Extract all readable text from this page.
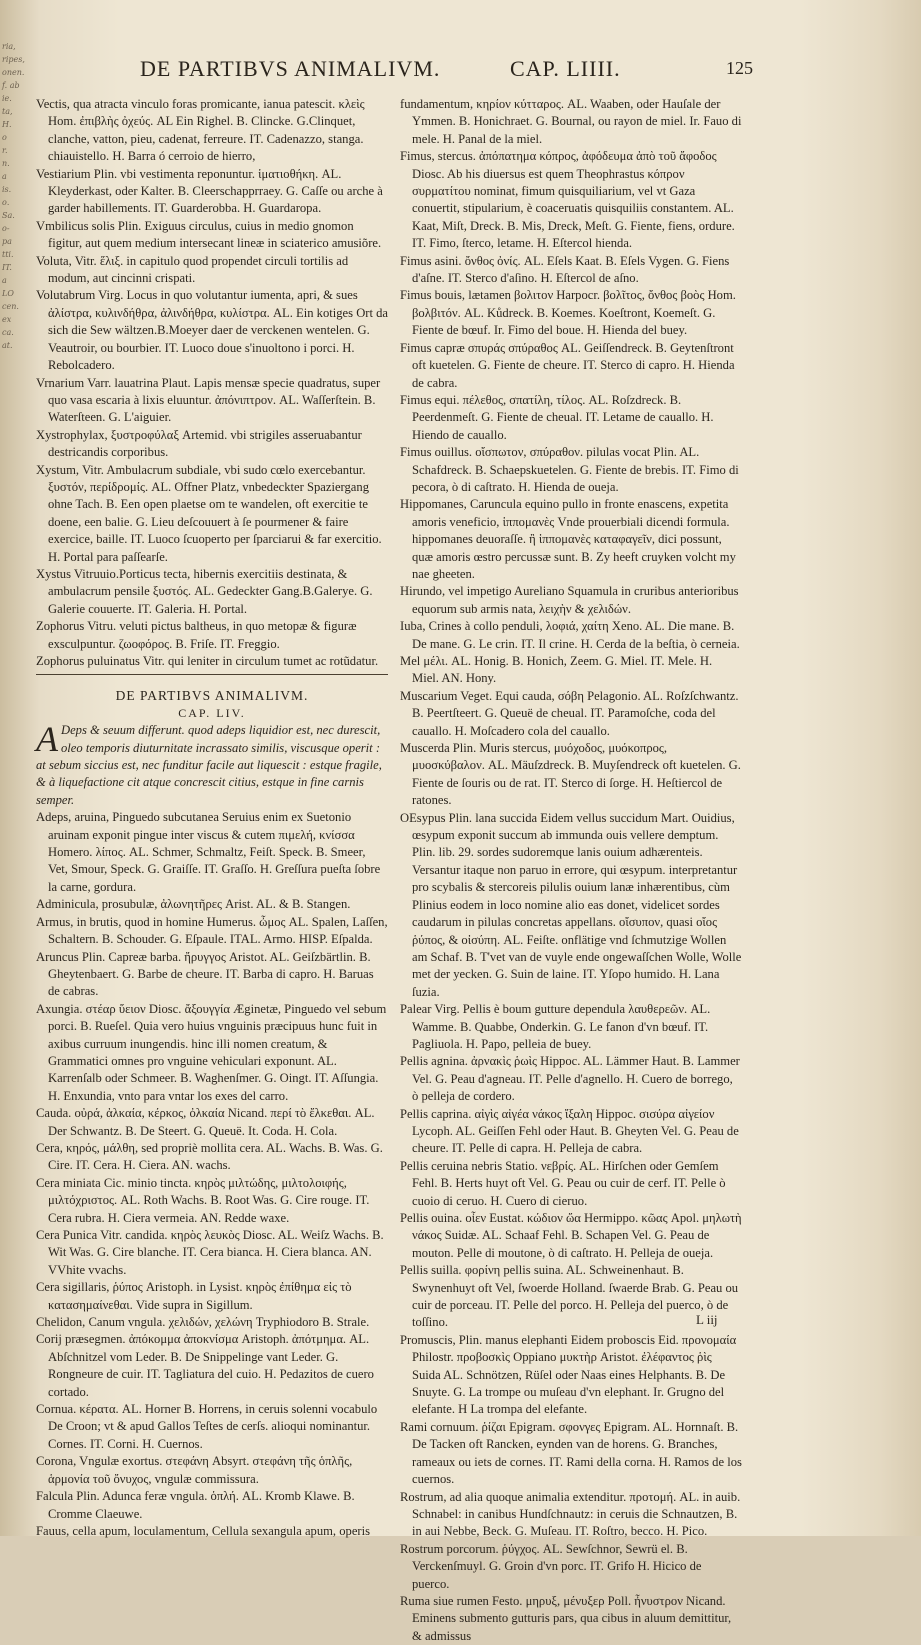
ria,
ripes,
onen.
f. ab
ie.
ta,
H.
o
r.
n.
a
is.
ο.
Sa.
o-
pa
tti.
IT.
a
LO
cen.
ex
ca.
at.
DE PARTIBVS ANIMALIVM.	CAP. LIIII.	125

Vectis, qua atracta vinculo foras promicante, ianua patescit. κλεὶς Hom. ἐπιβλὴς ὀχεύς. AL Ein Righel. B. Clincke. G.Clinquet, clanche, vatton, pieu, cadenat, ferreure. IT. Cadenazzo, stanga. chiauistello. H. Barra ó cerroio de hierro,

Vestiarium Plin. vbi vestimenta reponuntur. ἱματιοθήκη. AL. Kleyderkast, oder Kalter. B. Cleerschapprraey. G. Caſſe ou arche à garder habillements. IT. Guarderobba. H. Guardaropa.

Vmbilicus solis Plin. Exiguus circulus, cuius in medio gnomon figitur, aut quem medium intersecant lineæ in sciaterico amusiõre.

Voluta, Vitr. ἕλιξ. in capitulo quod propendet circuli tortilis ad modum, aut cincinni crispati.

Volutabrum Virg. Locus in quo volutantur iumenta, apri, & sues ἀλίστρα, κυλινδήθρα, ἀλινδήθρα, κυλίστρα. AL. Ein kotiges Ort da sich die Sew wältzen.B.Moeyer daer de verckenen wentelen. G. Veautroir, ou bourbier. IT. Luoco doue s'inuoltono i porci. H. Rebolcadero.

Vrnarium Varr. lauatrina Plaut. Lapis mensæ specie quadratus, super quo vasa escaria à lixis eluuntur. ἀπόνιπτρον. AL. Waſſerſtein. B. Waterſteen. G. L'aiguier.

Xystrophylax, ξυστροφύλαξ Artemid. vbi strigiles asseruabantur destricandis corporibus.

Xystum, Vitr. Ambulacrum subdiale, vbi sudo cœlo exercebantur. ξυστόν, περίδρομίς. AL. Offner Platz, vnbedeckter Spaziergang ohne Tach. B. Een open plaetse om te wandelen, oft exercitie te doene, een balie. G. Lieu deſcouuert à ſe pourmener & faire exercice, baille. IT. Luoco ſcuoperto per ſparciarui & far exercitio. H. Portal para paſſearſe.

Xystus Vitruuio.Porticus tecta, hibernis exercitiis destinata, & ambulacrum pensile ξυστός. AL. Gedeckter Gang.B.Galerye. G. Galerie couuerte. IT. Galeria. H. Portal.

Zophorus Vitru. veluti pictus baltheus, in quo metopæ & figuræ exsculpuntur. ζωοφόρος. B. Friſe. IT. Freggio.

Zophorus puluinatus Vitr. qui leniter in circulum tumet ac rotũdatur.

DE PARTIBVS ANIMALIVM.
CAP. LIV.

A Deps & seuum differunt. quod adeps liquidior est, nec durescit, oleo temporis diuturnitate incrassato similis, viscusque operit : at sebum siccius est, nec funditur facile aut liquescit : estque fragile, & à liquefactione cit atque concrescit citius, estque in fine carnis semper.

Adeps, aruina, Pinguedo subcutanea Seruius enim ex Suetonio aruinam exponit pingue inter viscus & cutem πιμελή, κνίσσα Homero. λίπος. AL. Schmer, Schmaltz, Feiſt. Speck. B. Smeer, Vet, Smour, Speck. G. Graiſſe. IT. Graſſo. H. Greſſura pueſta ſobre la carne, gordura.

Adminicula, prosubulæ, ἀλωνητῆρες Arist. AL. & B. Stangen.

Armus, in brutis, quod in homine Humerus. ὦμος AL. Spalen, Laſſen, Schaltern. B. Schouder. G. Eſpaule. ITAL. Armo. HISP. Eſpalda.

Aruncus Plin. Capreæ barba. ἤρυγγος Aristot. AL. Geiſzbärtlin. B. Gheytenbaert. G. Barbe de cheure. IT. Barba di capro. H. Baruas de cabras.

Axungia. στέαρ ὕειον Diosc. ἄξουγγία Æginetæ, Pinguedo vel sebum porci. B. Rueſel. Quia vero huius vnguinis præcipuus hunc fuit in axibus curruum inungendis. hinc illi nomen creatum, & Grammatici omnes pro vnguine vehiculari exponunt. AL. Karrenſalb oder Schmeer. B. Waghenſmer. G. Oingt. IT. Aſſungia. H. Enxundia, vnto para vntar los exes del carro.

Cauda. οὐρά, ἀλκαία, κέρκος, ὀλκαία Nicand. περί τὸ ἔλκεθαι. AL. Der Schwantz. B. De Steert. G. Queuë. It. Coda. H. Cola.

Cera, κηρός, μάλθη, sed propriè mollita cera. AL. Wachs. B. Was. G. Cire. IT. Cera. H. Ciera. AN. wachs.

Cera miniata Cic. minio tincta. κηρὸς μιλτώδης, μιλτολοιφής, μιλτόχριστος. AL. Roth Wachs. B. Root Was. G. Cire rouge. IT. Cera rubra. H. Ciera vermeia. AN. Redde waxe.

Cera Punica Vitr. candida. κηρὸς λευκὸς Diosc. AL. Weiſz Wachs. B. Wit Was. G. Cire blanche. IT. Cera bianca. H. Ciera blanca. AN. VVhite vvachs.

Cera sigillaris, ῥύπος Aristoph. in Lysist. κηρὸς ἐπίθημα εἰς τὸ κατασημαίνεθαι. Vide supra in Sigillum.

Chelidon, Canum vngula. χελιδών, χελώνη Tryphiodoro B. Strale.

Corij præsegmen. ἀπόκομμα ἀποκνίσμα Aristoph. ἀπότμημα. AL. Abſchnitzel vom Leder. B. De Snippelinge vant Leder. G. Rongneure de cuir. IT. Tagliatura del cuio. H. Pedazitos de cuero cortado.

Cornua. κέρατα. AL. Horner B. Horrens, in ceruis solenni vocabulo De Croon; vt & apud Gallos Teſtes de cerſs. alioqui nominantur. Cornes. IT. Corni. H. Cuernos.

Corona, Vngulæ exortus. στεφάνη Absyrt. στεφάνη τῆς ὁπλῆς, ἁρμονία τοῦ ὄνυχος, vngulæ commissura.

Falcula Plin. Adunca feræ vngula. ὁπλή. AL. Kromb Klawe. B. Cromme Claeuwe.

Fauus, cella apum, loculamentum, Cellula sexangula apum, operis

fundamentum, κηρίον κύτταρος. AL. Waaben, oder Hauſale der Ymmen. B. Honichraet. G. Bournal, ou rayon de miel. Ir. Fauo di mele. H. Panal de la miel.

Fimus, stercus. ἀπόπατημα κόπρος, ἀφόδευμα ἀπὸ τοῦ ἄφοδος Diosc. Ab his diuersus est quem Theophrastus κόπρον συρματίτου nominat, fimum quisquiliarium, vel vt Gaza conuertit, stipularium, è coaceruatis quisquiliis constantem. AL. Kaat, Miſt, Dreck. B. Mis, Dreck, Meſt. G. Fiente, fiens, ordure. IT. Fimo, ſterco, letame. H. Eſtercol hienda.

Fimus asini. ὄνθος ὀνίς. AL. Eſels Kaat. B. Eſels Vygen. G. Fiens d'aſne. IT. Sterco d'aſino. H. Eſtercol de aſno.

Fimus bouis, lætamen βολιτον Harpocr. βολῖτος, ὄνθος βοὸς Hom. βολβιτόν. AL. Kůdreck. B. Koemes. Koeſtront, Koemeſt. G. Fiente de bœuf. Ir. Fimo del boue. H. Hienda del buey.

Fimus capræ σπυράς σπύραθος AL. Geiſſendreck. B. Geytenſtront oft kuetelen. G. Fiente de cheure. IT. Sterco di capro. H. Hienda de cabra.

Fimus equi. πέλεθος, σπατίλη, τίλος. AL. Roſzdreck. B. Peerdenmeſt. G. Fiente de cheual. IT. Letame de cauallo. H. Hiendo de cauallo.

Fimus ouillus. οἴσπωτον, σπύραθον. pilulas vocat Plin. AL. Schafdreck. B. Schaepskuetelen. G. Fiente de brebis. IT. Fimo di pecora, ò di caſtrato. H. Hienda de oueja.

Hippomanes, Caruncula equino pullo in fronte enascens, expetita amoris veneficio, ἱππομανὲς Vnde prouerbiali dicendi formula. hippomanes deuoraſſe. ἢ ἱππομανὲς καταφαγεῖν, dici possunt, quæ amoris œstro percussæ sunt. B. Zy heeft cruyken volcht my nae gheeten.

Hirundo, vel impetigo Aureliano Squamula in cruribus anterioribus equorum sub armis nata, λειχὴν & χελιδών.

Iuba, Crines à collo penduli, λοφιά, χαίτη Xeno. AL. Die mane. B. De mane. G. Le crin. IT. Il crine. H. Cerda de la beſtia, ò cerneia.

Mel μέλι. AL. Honig. B. Honich, Zeem. G. Miel. IT. Mele. H. Miel. AN. Hony.

Muscarium Veget. Equi cauda, σόβη Pelagonio. AL. Roſzſchwantz. B. Peertſteert. G. Queuë de cheual. IT. Paramoſche, coda del cauallo. H. Moſcadero cola del cauallo.

Muscerda Plin. Muris stercus, μυόχοδος, μυόκοπρος, μυοσκύβαλον. AL. Mäuſzdreck. B. Muyſendreck oft kuetelen. G. Fiente de ſouris ou de rat. IT. Sterco di ſorge. H. Heſtiercol de ratones.

OEsypus Plin. lana succida Eidem vellus succidum Mart. Ouidius, œsypum exponit succum ab immunda ouis vellere demptum. Plin. lib. 29. sordes sudoremque lanis ouium adhærenteis. Versantur itaque non paruo in errore, qui œsypum. interpretantur pro scybalis & stercoreis pilulis ouium lanæ inhærentibus, cùm Plinius eodem in loco nomine alio eas donet, videlicet sordes caudarum in pilulas concretas appellans. οἴσυπον, quasi οἴος ῥύπος, & οἰσύπη. AL. Feiſte. onflätige vnd ſchmutzige Wollen am Schaf. B. T'vet van de vuyle ende ongewaſſchen Wolle, Wolle met der yecken. G. Suin de laine. IT. Yſopo humido. H. Lana ſuzia.

Palear Virg. Pellis è boum gutture dependula λαυθερεῶν. AL. Wamme. B. Quabbe, Onderkin. G. Le fanon d'vn bœuf. IT. Pagliuola. H. Papo, pelleia de buey.

Pellis agnina. ἀρνακὶς ῥωὶς Hippoc. AL. Lämmer Haut. B. Lammer Vel. G. Peau d'agneau. IT. Pelle d'agnello. H. Cuero de borrego, ò pelleja de cordero.

Pellis caprina. αἰγὶς αἰγέα νάκος ἴξαλη Hippoc. σισύρα αἰγείον Lycoph. AL. Geiſſen Fehl oder Haut. B. Gheyten Vel. G. Peau de cheure. IT. Pelle di capra. H. Pelleja de cabra.

Pellis ceruina nebris Statio. νεβρίς. AL. Hirſchen oder Gemſem Fehl. B. Herts huyt oft Vel. G. Peau ou cuir de cerf. IT. Pelle ò cuoio di ceruo. H. Cuero di cieruo.

Pellis ouina. οἶεν Eustat. κώδιον ὤα Hermippo. κῶας Apol. μηλωτὴ νάκος Suidæ. AL. Schaaf Fehl. B. Schapen Vel. G. Peau de mouton. Pelle di moutone, ò di caſtrato. H. Pelleja de oueja.

Pellis suilla. φορίνη pellis suina. AL. Schweinenhaut. B. Swynenhuyt oft Vel, ſwoerde Holland. ſwaerde Brab. G. Peau ou cuir de porceau. IT. Pelle del porco. H. Pelleja del puerco, ò de toſſino.

Promuscis, Plin. manus elephanti Eidem proboscis Eid. προνομαία Philostr. προβοσκὶς Oppiano μυκτὴρ Aristot. ἐλέφαντος ῥὶς Suida AL. Schnötzen, Rüſel oder Naas eines Helphants. B. De Snuyte. G. La trompe ou muſeau d'vn elephant. Ir. Grugno del elefante. H La trompa del elefante.

Rami cornuum. ῥίζαι Epigram. σφονγες Epigram. AL. Hornnaſt. B. De Tacken oft Rancken, eynden van de horens. G. Branches, rameaux ou iets de cornes. IT. Rami della corna. H. Ramos de los cuernos.

Rostrum, ad alia quoque animalia extenditur. προτομή. AL. in auib. Schnabel: in canibus Hundſchnautz: in ceruis die Schnautzen, B. in aui Nebbe, Beck. G. Muſeau. IT. Roſtro, becco. H. Pico.

Rostrum porcorum. ῥύγχος. AL. Sewſchnor, Sewrü el. B. Verckenſmuyl. G. Groin d'vn porc. IT. Grifo H. Hicico de puerco.

Ruma siue rumen Festo. μηρυξ, μένυξερ Poll. ἦνυστρον Nicand. Eminens submento gutturis pars, qua cibus in aluum demittitur, & admissus

L iij
